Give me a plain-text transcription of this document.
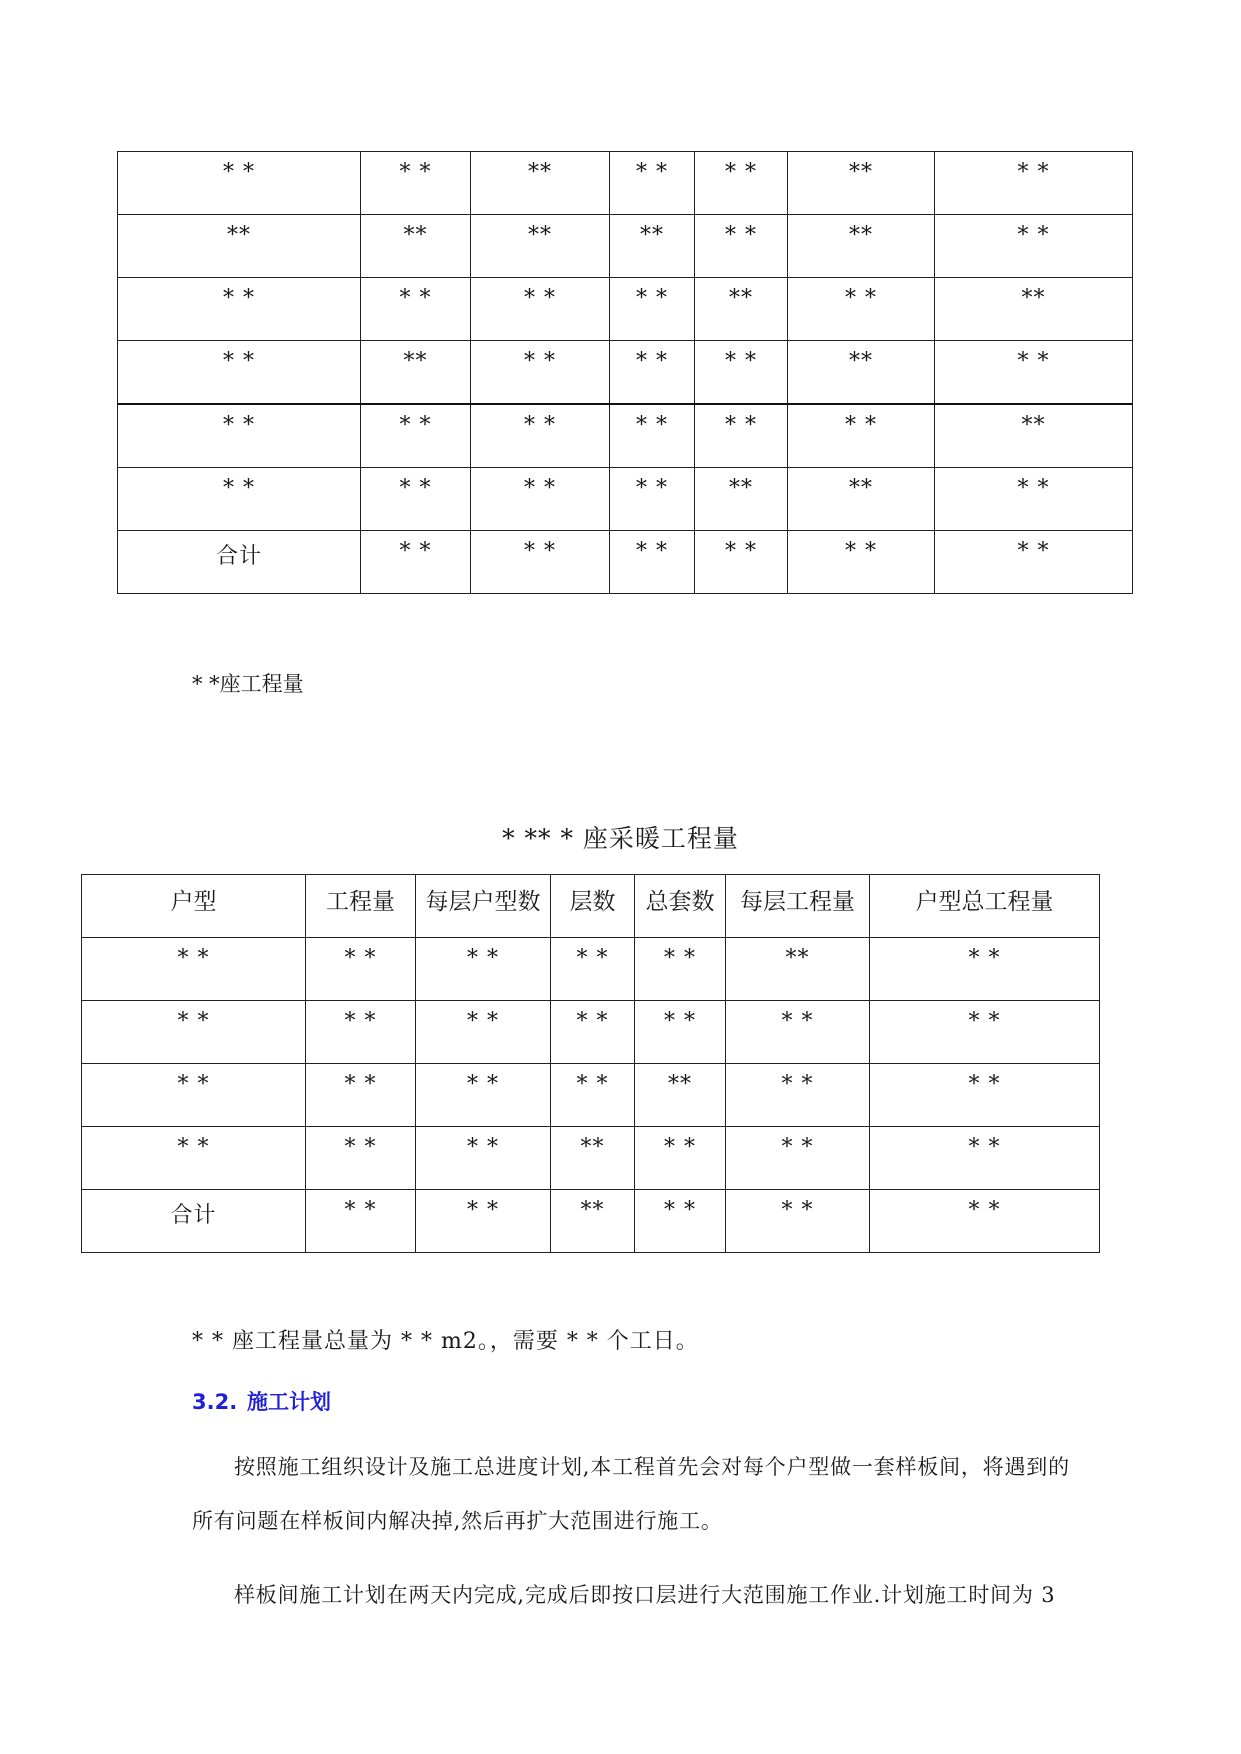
* *	* *	**	* *	* *	**	* *
**	**	**	**	* *	**	* *
* *	* *	* *	* *	**	* *	**
* *	**	* *	* *	* *	**	* *
* *	* *	* *	* *	* *	* *	**
* *	* *	* *	* *	**	**	* *
合计	* *	* *	* *	* *	* *	* *
* *座工程量
* ** * 座采暖工程量
户型	工程量	每层户型数	层数	总套数	每层工程量	户型总工程量
* *	* *	* *	* *	* *	**	* *
* *	* *	* *	* *	* *	* *	* *
* *	* *	* *	* *	**	* *	* *
* *	* *	* *	**	* *	* *	* *
合计	* *	* *	**	* *	* *	* *
* * 座工程量总量为 * * m2。，需要 * * 个工日。
3.2. 施工计划
按照施工组织设计及施工总进度计划,本工程首先会对每个户型做一套样板间，将遇到的所有问题在样板间内解决掉,然后再扩大范围进行施工。
样板间施工计划在两天内完成,完成后即按口层进行大范围施工作业.计划施工时间为 3
